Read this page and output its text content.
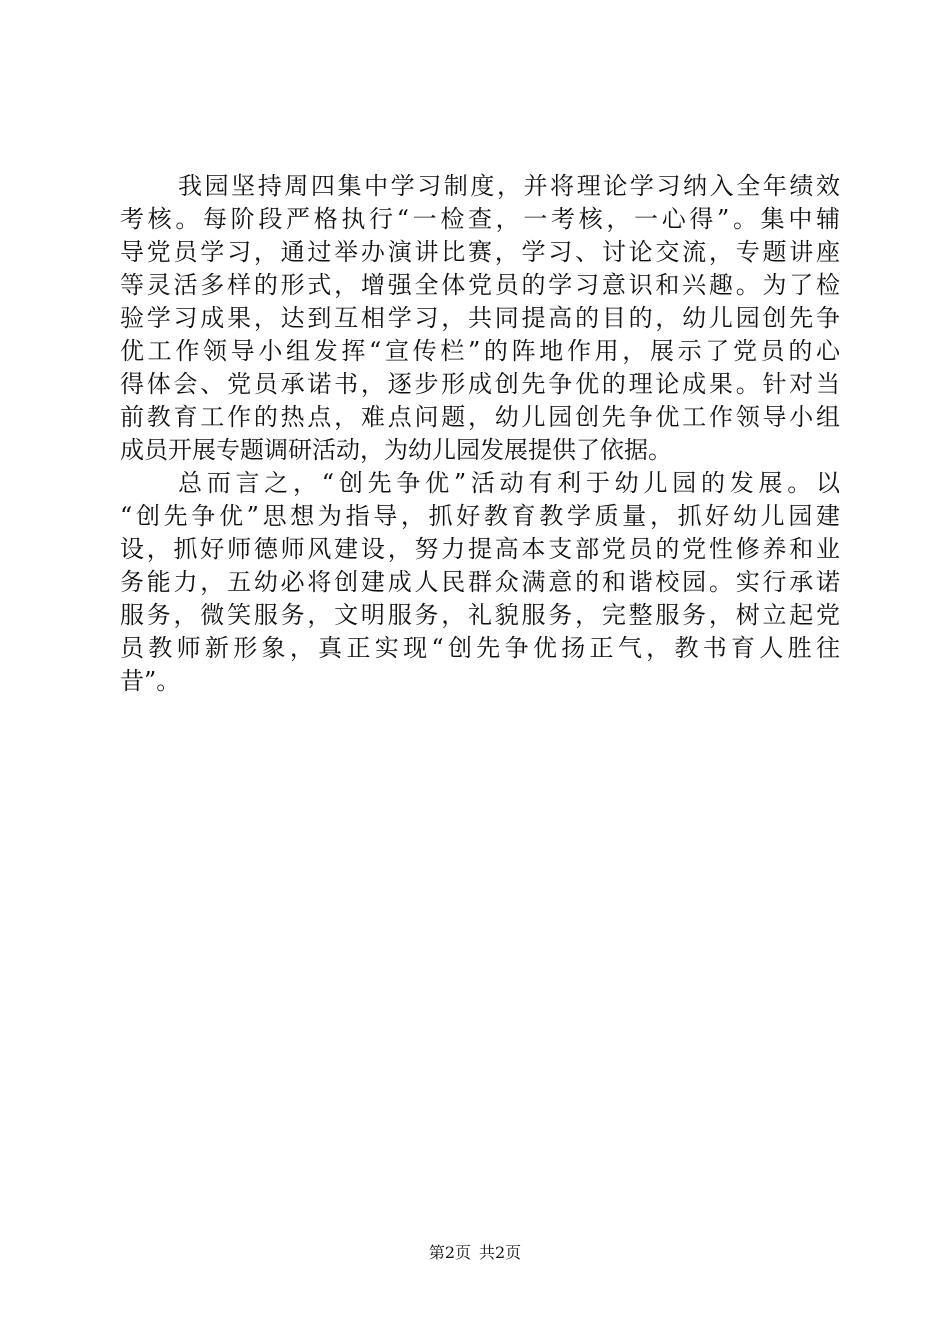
我园坚持周四集中学习制度，并将理论学习纳入全年绩效
考核。每阶段严格执行“一检查，一考核，一心得”。集中辅
导党员学习，通过举办演讲比赛，学习、讨论交流，专题讲座
等灵活多样的形式，增强全体党员的学习意识和兴趣。为了检
验学习成果，达到互相学习，共同提高的目的，幼儿园创先争
优工作领导小组发挥“宣传栏”的阵地作用，展示了党员的心
得体会、党员承诺书，逐步形成创先争优的理论成果。针对当
前教育工作的热点，难点问题，幼儿园创先争优工作领导小组
成员开展专题调研活动，为幼儿园发展提供了依据。
总而言之，“创先争优”活动有利于幼儿园的发展。以
“创先争优”思想为指导，抓好教育教学质量，抓好幼儿园建
设，抓好师德师风建设，努力提高本支部党员的党性修养和业
务能力，五幼必将创建成人民群众满意的和谐校园。实行承诺
服务，微笑服务，文明服务，礼貌服务，完整服务，树立起党
员教师新形象，真正实现“创先争优扬正气，教书育人胜往
昔”。
第2页 共2页
